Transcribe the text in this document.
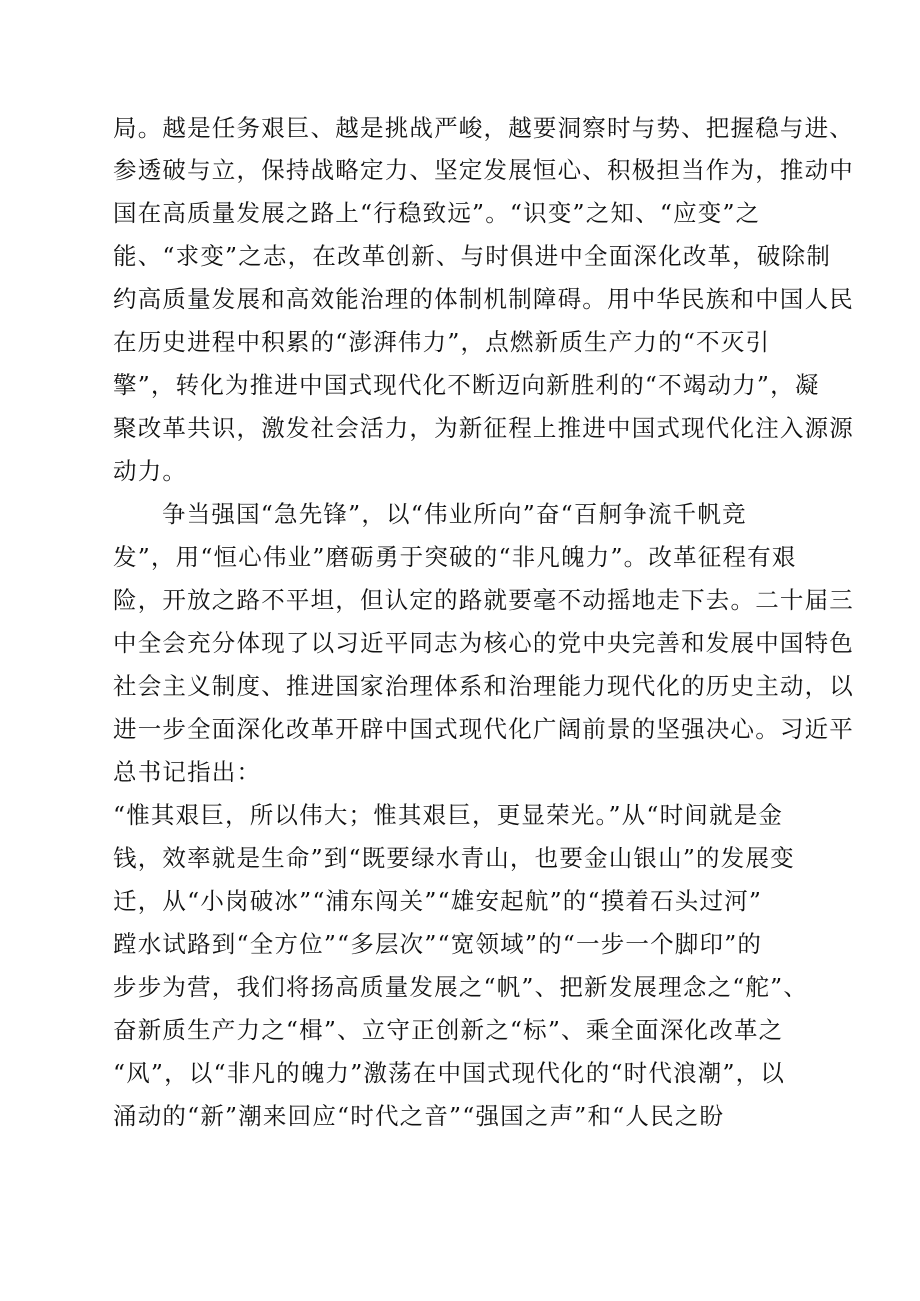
局。越是任务艰巨、越是挑战严峻，越要洞察时与势、把握稳与进、
参透破与立，保持战略定力、坚定发展恒心、积极担当作为，推动中
国在高质量发展之路上“行稳致远”。“识变”之知、“应变”之
能、“求变”之志，在改革创新、与时俱进中全面深化改革，破除制
约高质量发展和高效能治理的体制机制障碍。用中华民族和中国人民
在历史进程中积累的“澎湃伟力”，点燃新质生产力的“不灭引
擎”，转化为推进中国式现代化不断迈向新胜利的“不竭动力”，凝
聚改革共识，激发社会活力，为新征程上推进中国式现代化注入源源
动力。
争当强国“急先锋”，以“伟业所向”奋“百舸争流千帆竞
发”，用“恒心伟业”磨砺勇于突破的“非凡魄力”。改革征程有艰
险，开放之路不平坦，但认定的路就要毫不动摇地走下去。二十届三
中全会充分体现了以习近平同志为核心的党中央完善和发展中国特色
社会主义制度、推进国家治理体系和治理能力现代化的历史主动，以
进一步全面深化改革开辟中国式现代化广阔前景的坚强决心。习近平
总书记指出：
“惟其艰巨，所以伟大；惟其艰巨，更显荣光。”从“时间就是金
钱，效率就是生命”到“既要绿水青山，也要金山银山”的发展变
迁，从“小岗破冰”“浦东闯关”“雄安起航”的“摸着石头过河”
蹚水试路到“全方位”“多层次”“宽领域”的“一步一个脚印”的
步步为营，我们将扬高质量发展之“帆”、把新发展理念之“舵”、
奋新质生产力之“楫”、立守正创新之“标”、乘全面深化改革之
“风”，以“非凡的魄力”激荡在中国式现代化的“时代浪潮”，以
涌动的“新”潮来回应“时代之音”“强国之声”和“人民之盼
